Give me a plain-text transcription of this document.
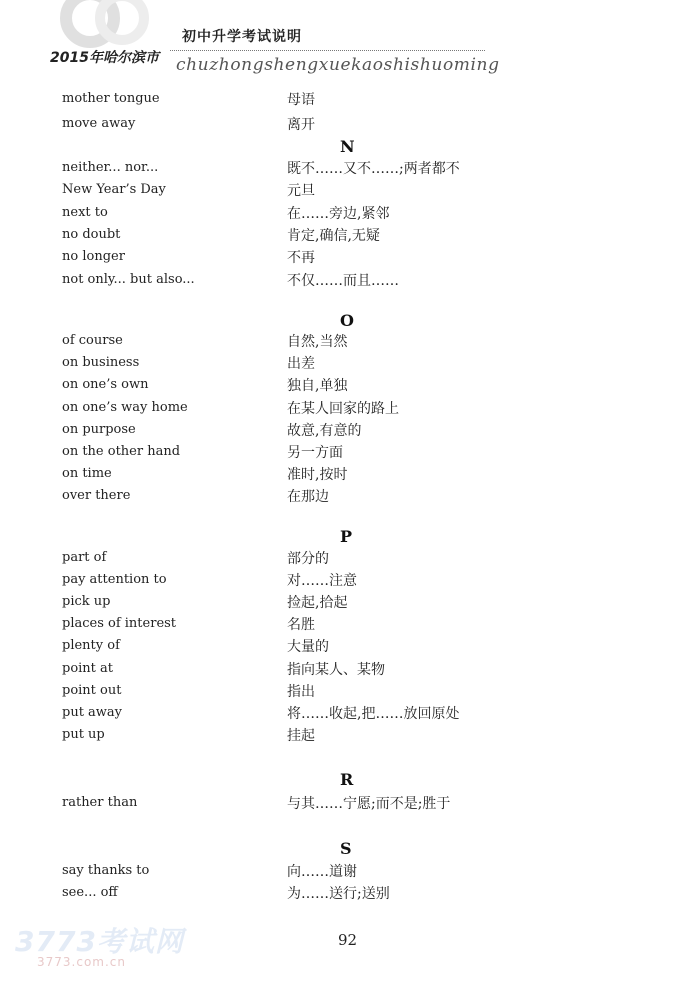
2015年哈尔滨市
初中升学考试说明
chuzhongshengxuekaoshishuoming
mother tongue	母语
move away	离开
N
neither... nor...	既不……又不……;两者都不
New Year’s Day	元旦
next to	在……旁边,紧邻
no doubt	肯定,确信,无疑
no longer	不再
not only... but also...	不仅……而且……
O
of course	自然,当然
on business	出差
on one’s own	独自,单独
on one’s way home	在某人回家的路上
on purpose	故意,有意的
on the other hand	另一方面
on time	准时,按时
over there	在那边
P
part of	部分的
pay attention to	对……注意
pick up	捡起,拾起
places of interest	名胜
plenty of	大量的
point at	指向某人、某物
point out	指出
put away	将……收起,把……放回原处
put up	挂起
R
rather than	与其……宁愿;而不是;胜于
S
say thanks to	向……道谢
see... off	为……送行;送别
92
3773考试网
3773.com.cn
